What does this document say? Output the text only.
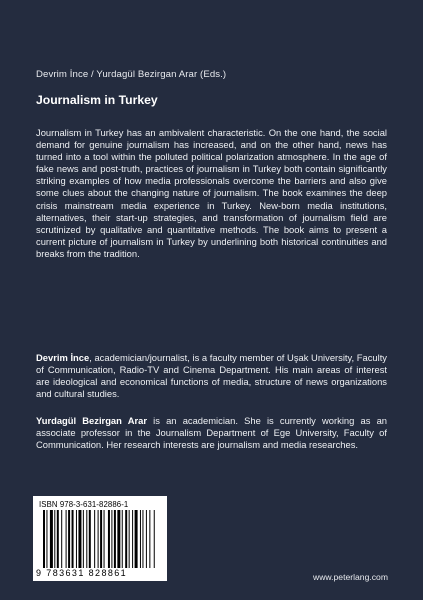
Devrim İnce / Yurdagül Bezirgan Arar (Eds.)
Journalism in Turkey

Journalism in Turkey has an ambivalent characteristic. On the one hand, the social demand for genuine journalism has increased, and on the other hand, news has turned into a tool within the polluted political polarization atmosphere. In the age of fake news and post-truth, practices of journalism in Turkey both contain significantly striking examples of how media professionals overcome the barriers and also give some clues about the changing nature of journalism. The book examines the deep crisis mainstream media experience in Turkey. New-born media institutions, alternatives, their start-up strategies, and transformation of journalism field are scrutinized by qualitative and quantitative methods. The book aims to present a current picture of journalism in Turkey by underlining both historical continuities and breaks from the tradition.

Devrim İnce, academician/journalist, is a faculty member of Uşak University, Faculty of Communication, Radio-TV and Cinema Department. His main areas of interest are ideological and economical functions of media, structure of news organizations and cultural studies.

Yurdagül Bezirgan Arar is an academician. She is currently working as an associate professor in the Journalism Department of Ege University, Faculty of Communication. Her research interests are journalism and media researches.

ISBN 978-3-631-82886-1
9 783631 828861	www.peterlang.com
